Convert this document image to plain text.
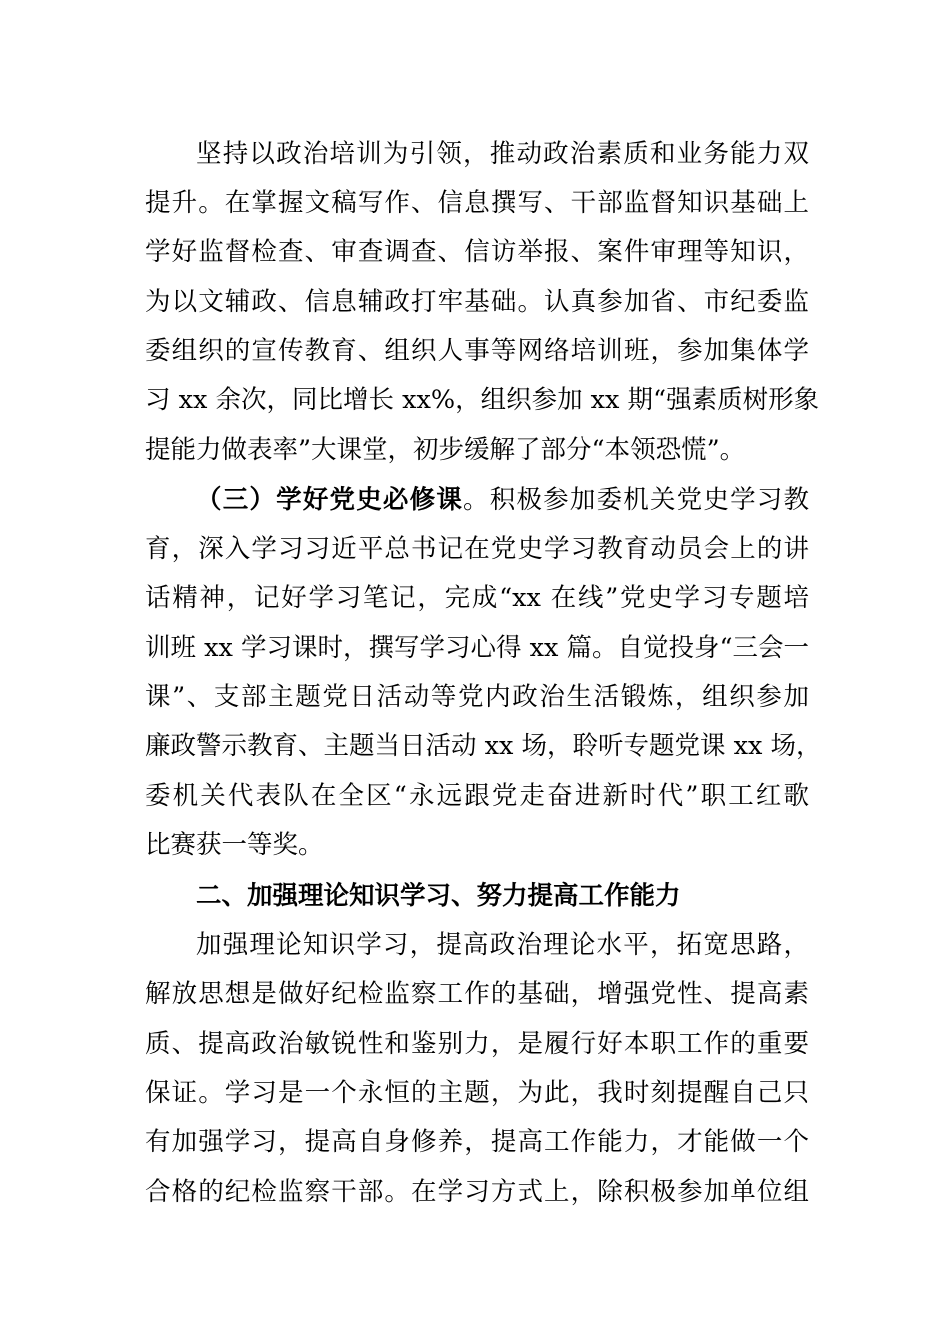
坚持以政治培训为引领，推动政治素质和业务能力双
提升。在掌握文稿写作、信息撰写、干部监督知识基础上
学好监督检查、审查调查、信访举报、案件审理等知识，
为以文辅政、信息辅政打牢基础。认真参加省、市纪委监
委组织的宣传教育、组织人事等网络培训班，参加集体学
习 xx 余次，同比增长 xx%，组织参加 xx 期“强素质树形象
提能力做表率”大课堂，初步缓解了部分“本领恐慌”。
（三）学好党史必修课。积极参加委机关党史学习教
育，深入学习习近平总书记在党史学习教育动员会上的讲
话精神，记好学习笔记，完成“xx 在线”党史学习专题培
训班 xx 学习课时，撰写学习心得 xx 篇。自觉投身“三会一
课”、支部主题党日活动等党内政治生活锻炼，组织参加
廉政警示教育、主题当日活动 xx 场，聆听专题党课 xx 场，
委机关代表队在全区“永远跟党走奋进新时代”职工红歌
比赛获一等奖。
二、加强理论知识学习、努力提高工作能力
加强理论知识学习，提高政治理论水平，拓宽思路，
解放思想是做好纪检监察工作的基础，增强党性、提高素
质、提高政治敏锐性和鉴别力，是履行好本职工作的重要
保证。学习是一个永恒的主题，为此，我时刻提醒自己只
有加强学习，提高自身修养，提高工作能力，才能做一个
合格的纪检监察干部。在学习方式上，除积极参加单位组
